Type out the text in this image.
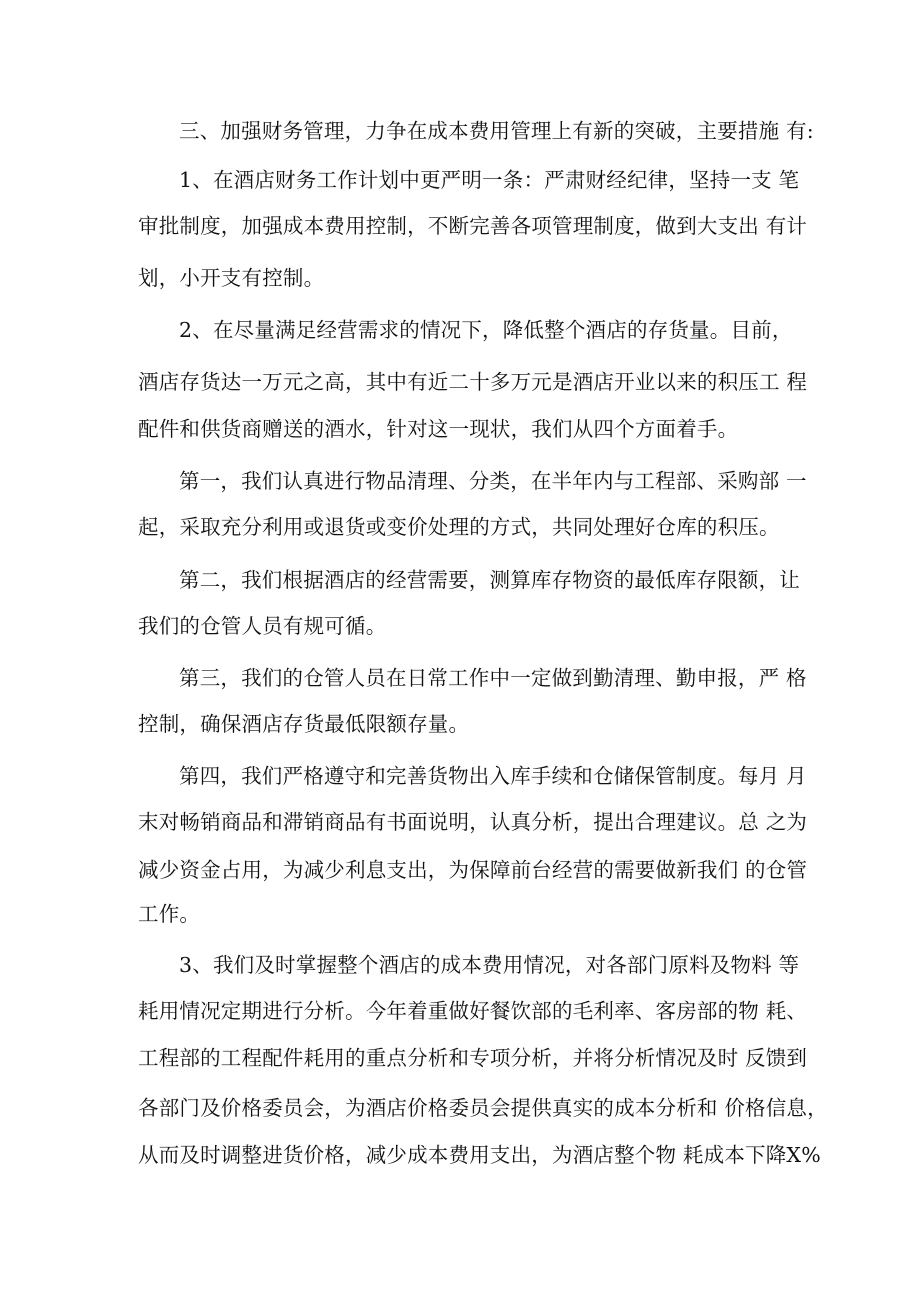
三、加强财务管理，力争在成本费用管理上有新的突破，主要措施 有:
1、在酒店财务工作计划中更严明一条：严肃财经纪律，坚持一支 笔
审批制度，加强成本费用控制，不断完善各项管理制度，做到大支出 有计
划，小开支有控制。
2、在尽量满足经营需求的情况下，降低整个酒店的存货量。目前，
酒店存货达一万元之高，其中有近二十多万元是酒店开业以来的积压工 程
配件和供货商赠送的酒水，针对这一现状，我们从四个方面着手。
第一，我们认真进行物品清理、分类，在半年内与工程部、采购部 一
起，采取充分利用或退货或变价处理的方式，共同处理好仓库的积压。
第二，我们根据酒店的经营需要，测算库存物资的最低库存限额，让
我们的仓管人员有规可循。
第三，我们的仓管人员在日常工作中一定做到勤清理、勤申报，严 格
控制，确保酒店存货最低限额存量。
第四，我们严格遵守和完善货物出入库手续和仓储保管制度。每月 月
末对畅销商品和滞销商品有书面说明，认真分析，提出合理建议。总 之为
减少资金占用，为减少利息支出，为保障前台经营的需要做新我们 的仓管
工作。
3、我们及时掌握整个酒店的成本费用情况，对各部门原料及物料 等
耗用情况定期进行分析。今年着重做好餐饮部的毛利率、客房部的物 耗、
工程部的工程配件耗用的重点分析和专项分析，并将分析情况及时 反馈到
各部门及价格委员会，为酒店价格委员会提供真实的成本分析和 价格信息，
从而及时调整进货价格，减少成本费用支出，为酒店整个物 耗成本下降X%
